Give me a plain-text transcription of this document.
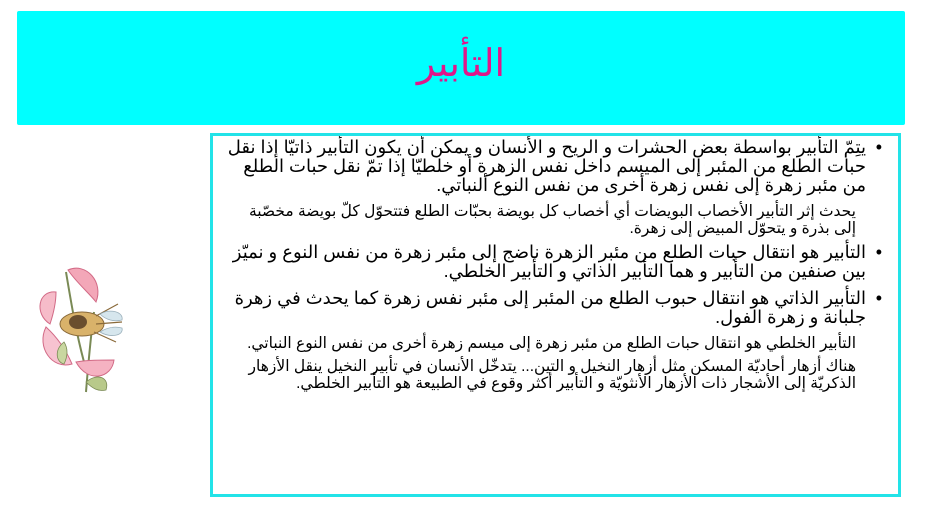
التأبير

• يتِمّ التأبير بواسطة بعض الحشرات و الريح و الأنسان و يمكن أن يكون التأبير ذاتيّا إذا نقل حبات الطلع من المئبر إلى الميسم داخل نفس الزهرة أو خلطيّا إذا تمّ نقل حبات الطلع من مئبر زهرة إلى نفس زهرة أخرى من نفس النوع ألنباتي.

يحدث إثر التأبير الأخصاب البويضات أي أخصاب كل بويضة بحبّات الطلع فتتحوّل كلّ بويضة مخصّبة إلى بذرة و يتحوّل المبيض إلى زهرة.

• التأبير هو انتقال حبات الطلع من مئبر الزهرة ناضج إلى مئبر زهرة من نفس النوع و نميّز بين صنفين من التأبير و هما التأبير الذاتي و التأبير الخلطي.

• التأبير الذاتي هو انتقال حبوب الطلع من المئبر إلى مئبر نفس زهرة كما يحدث في زهرة جلبانة و زهرة الفول.

التأبير الخلطي هو انتقال حبات الطلع من مئبر زهرة إلى ميسم زهرة أخرى من نفس النوع النباتي.

هناك أزهار أحاديّة المسكن مثل أزهار النخيل و التين... يتدخّل الأنسان في تأبير النخيل ينقل الأزهار الذكريّة إلى الأشجار ذات الأزهار الأنثويّة و التأبير أكثر وقوع في الطبيعة هو التأبير الخلطي.
